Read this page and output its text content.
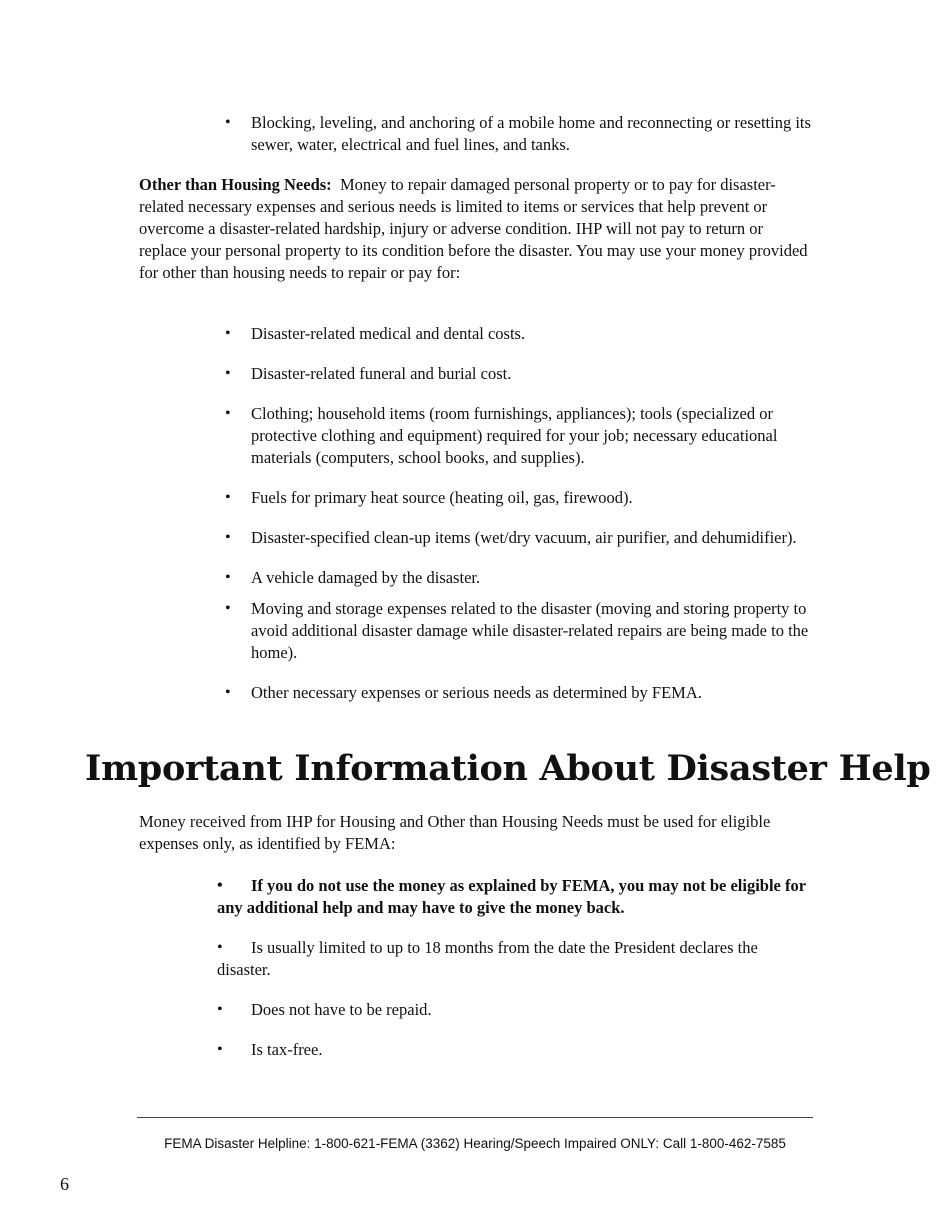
• Blocking, leveling, and anchoring of a mobile home and reconnecting or resetting its sewer, water, electrical and fuel lines, and tanks.

Other than Housing Needs: Money to repair damaged personal property or to pay for disaster-related necessary expenses and serious needs is limited to items or services that help prevent or overcome a disaster-related hardship, injury or adverse condition. IHP will not pay to return or replace your personal property to its condition before the disaster. You may use your money provided for other than housing needs to repair or pay for:

• Disaster-related medical and dental costs.
• Disaster-related funeral and burial cost.
• Clothing; household items (room furnishings, appliances); tools (specialized or protective clothing and equipment) required for your job; necessary educational materials (computers, school books, and supplies).
• Fuels for primary heat source (heating oil, gas, firewood).
• Disaster-specified clean-up items (wet/dry vacuum, air purifier, and dehumidifier).
• A vehicle damaged by the disaster.
• Moving and storage expenses related to the disaster (moving and storing property to avoid additional disaster damage while disaster-related repairs are being made to the home).
• Other necessary expenses or serious needs as determined by FEMA.
Important Information About Disaster Help

Money received from IHP for Housing and Other than Housing Needs must be used for eligible expenses only, as identified by FEMA:

• If you do not use the money as explained by FEMA, you may not be eligible for any additional help and may have to give the money back.
• Is usually limited to up to 18 months from the date the President declares the disaster.
• Does not have to be repaid.
• Is tax-free.
FEMA Disaster Helpline: 1-800-621-FEMA (3362) Hearing/Speech Impaired ONLY: Call 1-800-462-7585
6
